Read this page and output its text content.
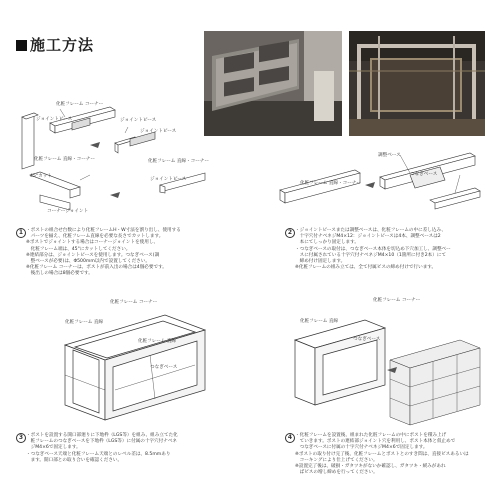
施工方法
化粧フレーム コーナー
ジョイントピース	ジョイントピース
化粧フレーム 直線・コーナー	化粧フレーム 直線・コーナー
ジョイントピース
ジョイントピース
45°カット
コーナージョイント
調整ベース
化粧フレーム 直線・コーナー
つなぎベース
化粧フレーム コーナー
化粧フレーム 直線
化粧フレーム 直線
つなぎベース
化粧フレーム コーナー
化粧フレーム 直線
つなぎベース
1 ・ポストの組合せ台数により化粧フレームH・W寸法を割り出し、使用する

　パーツを揃え、化粧フレーム直線を必要な長さでカットします。

※ポストでジョイントする場合はコーナージョイントを使用し、

　化粧フレーム端は、45°にカットしてください。

※連結部分は、ジョイントピースを使用します。つなぎベース(調

　整ベースが必要)は、Φ500mm以内で設置してください。

※化粧フレーム コーナーは、ポストが前入出の場合は4個必要です。

　後出しの場合は8個必要です。

2 ・ジョイントピースまたは調整ベースは、化粧フレームの中に差し込み、

　十字穴付ナベネジM4×12：ジョイントピースは4本、調整ベースは2

　本にてしっかり固定します。

・つなぎベースの取付は、つなぎベース本体を切込め下穴加工し、調整ベー

　スに付属されている十字穴付ナベネジM4×10（1箇所に付き2本）にて

　締め付け固定します。

※化粧フレームの組み立ては、全て付属ビスの締め付けで行います。

3 ・ポストを設置する開口部廻りに下地枠（LGS等）を組み、組み立てた化

　粧フレームのつなぎベースを下地枠（LGS等）に付属の十字穴付ナベネ

　ジM4×6で固定します。

・つなぎベース天端と化粧フレーム天端とのレベル差は、8.5mmあり

　ます。開口部との取り合いを確認ください。

4 ・化粧フレームを設置後、組まれた化粧フレームの中にポストを積み上げ

　ていきます。ポストの連結部ジョイント穴を利用し、ポスト本体と仮止めで

　つなぎベースに付属の十字穴付ナベネジM4×6で固定します。

※ポストの取り付け完了後、化粧フレームとポストとのすき間は、直接ビスあるいは

　コーキングにより仕上げてください。

※設置完了後は、破損・ガタツキがないか確認し、ガタツキ・緩みがあれ

　ばビスの増し締めを行ってください。
